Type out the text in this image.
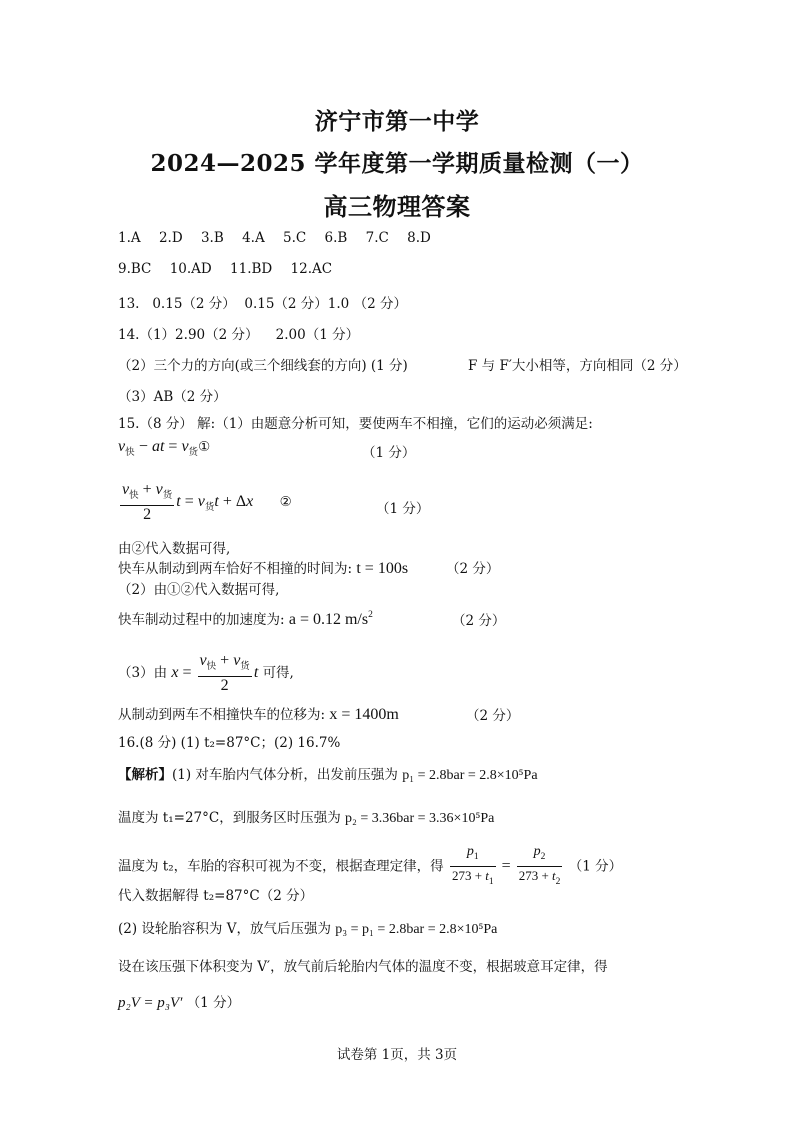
济宁市第一中学
2024—2025 学年度第一学期质量检测（一）
高三物理答案
1.A 2.D 3.B 4.A 5.C 6.B 7.C 8.D
9.BC 10.AD 11.BD 12.AC
13.   0.15（2 分）  0.15（2 分）1.0 （2 分）
14.（1）2.90（2 分）    2.00（1 分）
（2）三个力的方向(或三个细线套的方向) (1 分)	F 与 F′大小相等，方向相同（2 分）
（3）AB（2 分）
15.（8 分） 解:（1）由题意分析可知，要使两车不相撞，它们的运动必须满足:
$v_快$ − at = $v_货①$	（1 分）
$\frac{v_快 + v_货}{2}$ $t = v_货t + \Delta x$ ②	（1 分）
由②代入数据可得,
快车从制动到两车恰好不相撞的时间为: t = 100s	（2 分）
（2）由①②代入数据可得,
快车制动过程中的加速度为: a = 0.12 $m/s^2$	（2 分）
（3）由 $x = \frac{v_快 + v_货}{2}$ t 可得,
从制动到两车不相撞快车的位移为: x = 1400m	（2 分）
16.(8 分) (1) t₂=87°C；(2) 16.7%
【解析】(1) 对车胎内气体分析，出发前压强为 p₁ = 2.8bar = 2.8×10⁵Pa
温度为 t₁=27°C，到服务区时压强为 p₂ = 3.36bar = 3.36×10⁵Pa
温度为 t₂，车胎的容积可视为不变，根据查理定律，得 $\frac{p_1}{273 + t_1} = \frac{p_2}{273 + t_2} (1$ 分）
代入数据解得 t₂=87°C（2 分）
(2) 设轮胎容积为 V，放气后压强为 p₃ = p₁ = 2.8bar = 2.8×10⁵Pa
设在该压强下体积变为 V′，放气前后轮胎内气体的温度不变，根据玻意耳定律，得
p₂V = p₃V′ （1 分）
试卷第 1页，共 3页
